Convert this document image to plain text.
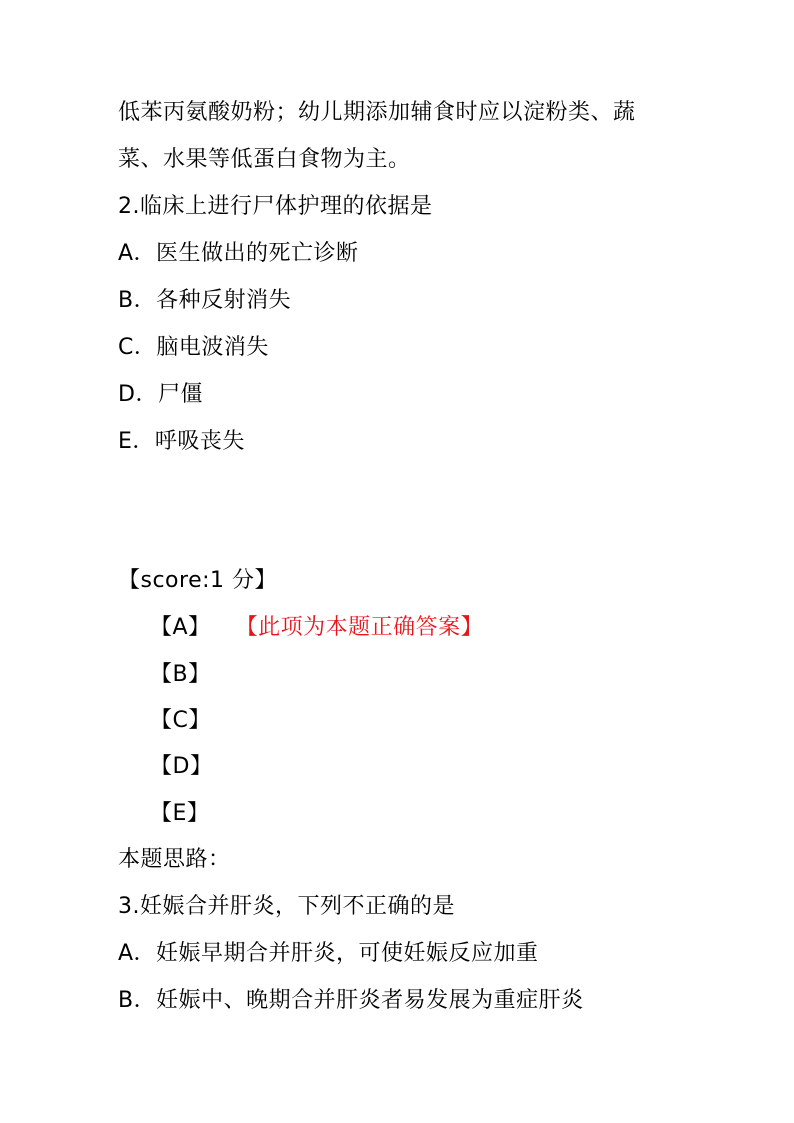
低苯丙氨酸奶粉；幼儿期添加辅食时应以淀粉类、蔬
菜、水果等低蛋白食物为主。
2.临床上进行尸体护理的依据是
A．医生做出的死亡诊断
B．各种反射消失
C．脑电波消失
D．尸僵
E．呼吸丧失
【score:1 分】
【A】 【此项为本题正确答案】
【B】
【C】
【D】
【E】
本题思路：
3.妊娠合并肝炎，下列不正确的是
A．妊娠早期合并肝炎，可使妊娠反应加重
B．妊娠中、晚期合并肝炎者易发展为重症肝炎
